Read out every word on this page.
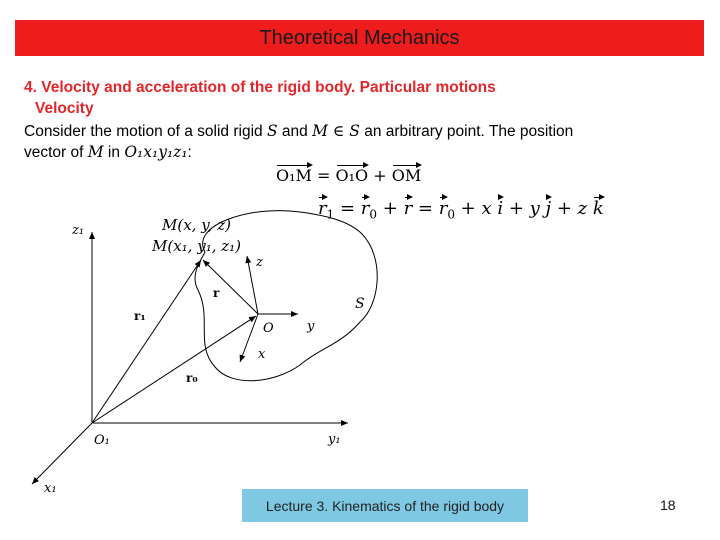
Theoretical Mechanics
4. Velocity and acceleration of the rigid body. Particular motions
Velocity
Consider the motion of a solid rigid S and M ∈ S an arbitrary point. The position
vector of M in O₁x₁y₁z₁:
O₁M = O₁O + OM
$r_1 = r_0 + r = r_0 + x$ i + y j + z k
M(x, y, z)
M(x₁, y₁, z₁)
z₁
y₁
x₁
O₁
O
x
y
z
S
r
r₁
r₀
Lecture 3. Kinematics of the rigid body	18
